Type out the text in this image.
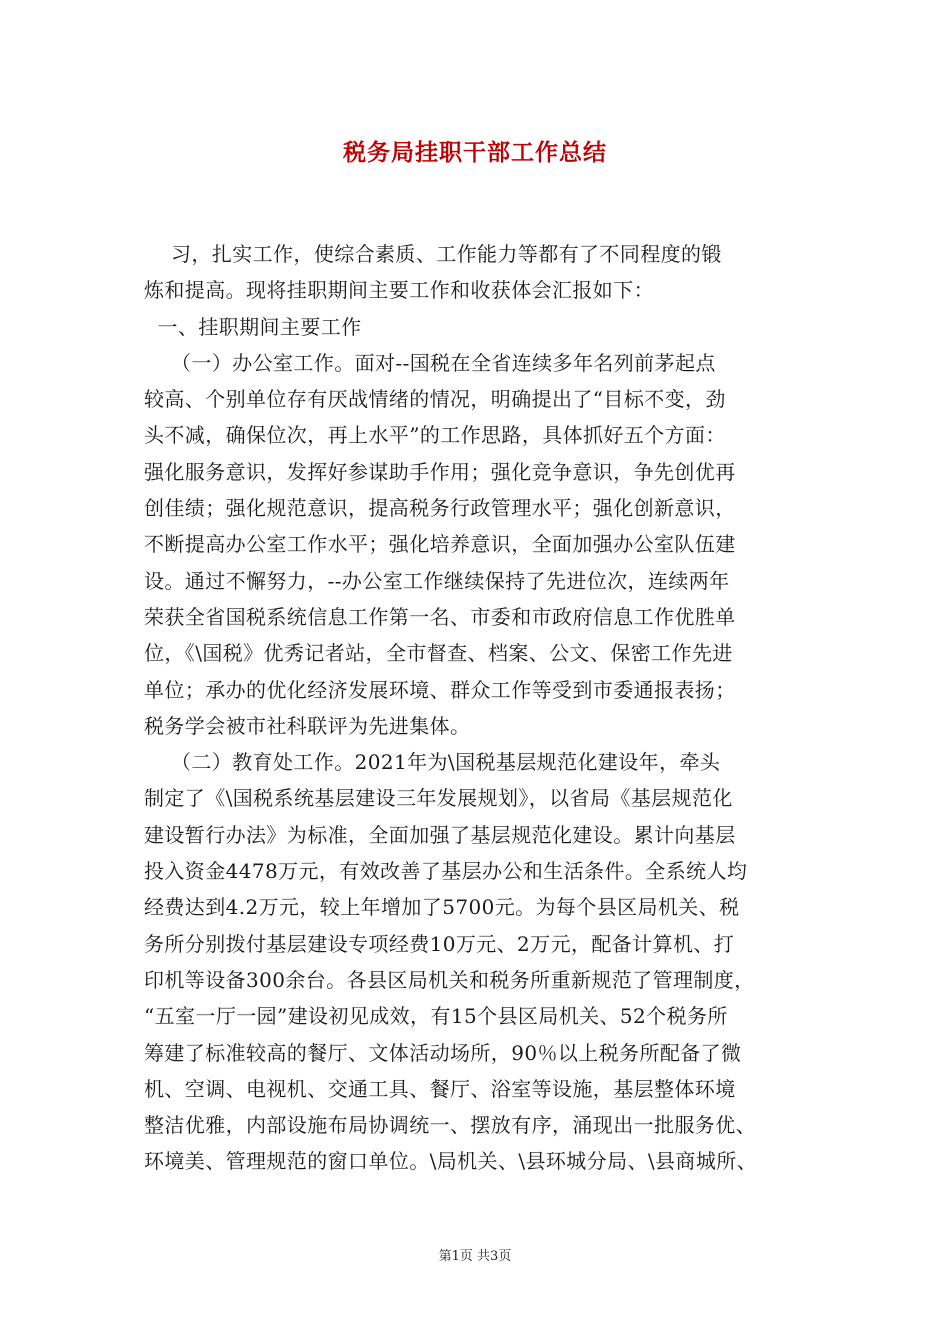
税务局挂职干部工作总结
习，扎实工作，使综合素质、工作能力等都有了不同程度的锻
炼和提高。现将挂职期间主要工作和收获体会汇报如下：
一、挂职期间主要工作
（一）办公室工作。面对--国税在全省连续多年名列前茅起点
较高、个别单位存有厌战情绪的情况，明确提出了“目标不变，劲
头不减，确保位次，再上水平”的工作思路，具体抓好五个方面：
强化服务意识，发挥好参谋助手作用；强化竞争意识，争先创优再
创佳绩；强化规范意识，提高税务行政管理水平；强化创新意识，
不断提高办公室工作水平；强化培养意识，全面加强办公室队伍建
设。通过不懈努力，--办公室工作继续保持了先进位次，连续两年
荣获全省国税系统信息工作第一名、市委和市政府信息工作优胜单
位，《\国税》优秀记者站，全市督查、档案、公文、保密工作先进
单位；承办的优化经济发展环境、群众工作等受到市委通报表扬；
税务学会被市社科联评为先进集体。
（二）教育处工作。2021年为\国税基层规范化建设年，牵头
制定了《\国税系统基层建设三年发展规划》，以省局《基层规范化
建设暂行办法》为标准，全面加强了基层规范化建设。累计向基层
投入资金4478万元，有效改善了基层办公和生活条件。全系统人均
经费达到4.2万元，较上年增加了5700元。为每个县区局机关、税
务所分别拨付基层建设专项经费10万元、2万元，配备计算机、打
印机等设备300余台。各县区局机关和税务所重新规范了管理制度，
“五室一厅一园”建设初见成效，有15个县区局机关、52个税务所
筹建了标准较高的餐厅、文体活动场所，90％以上税务所配备了微
机、空调、电视机、交通工具、餐厅、浴室等设施，基层整体环境
整洁优雅，内部设施布局协调统一、摆放有序，涌现出一批服务优、
环境美、管理规范的窗口单位。\局机关、\县环城分局、\县商城所、
第1页 共3页
